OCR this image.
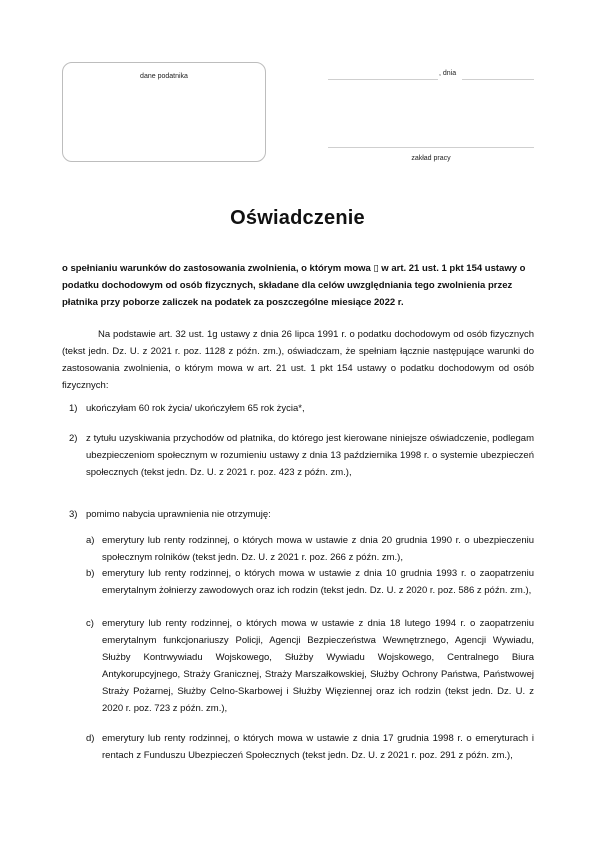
dane podatnika	, dnia
zakład pracy
Oświadczenie
o spełnianiu warunków do zastosowania zwolnienia, o którym mowa ▯ w art. 21 ust. 1 pkt 154 ustawy o podatku dochodowym od osób fizycznych, składane dla celów uwzględniania tego zwolnienia przez płatnika przy poborze zaliczek na podatek za poszczególne miesiące 2022 r.
Na podstawie art. 32 ust. 1g ustawy z dnia 26 lipca 1991 r. o podatku dochodowym od osób fizycznych (tekst jedn. Dz. U. z 2021 r. poz. 1128 z późn. zm.), oświadczam, że spełniam łącznie następujące warunki do zastosowania zwolnienia, o którym mowa w art. 21 ust. 1 pkt 154 ustawy o podatku dochodowym od osób fizycznych:
1) ukończyłam 60 rok życia/ ukończyłem 65 rok życia*,
2) z tytułu uzyskiwania przychodów od płatnika, do którego jest kierowane niniejsze oświadczenie, podlegam ubezpieczeniom społecznym w rozumieniu ustawy z dnia 13 października 1998 r. o systemie ubezpieczeń społecznych (tekst jedn. Dz. U. z 2021 r. poz. 423 z późn. zm.),
3) pomimo nabycia uprawnienia nie otrzymuję:
a) emerytury lub renty rodzinnej, o których mowa w ustawie z dnia 20 grudnia 1990 r. o ubezpieczeniu społecznym rolników (tekst jedn. Dz. U. z 2021 r. poz. 266 z późn. zm.),
b) emerytury lub renty rodzinnej, o których mowa w ustawie z dnia 10 grudnia 1993 r. o zaopatrzeniu emerytalnym żołnierzy zawodowych oraz ich rodzin (tekst jedn. Dz. U. z 2020 r. poz. 586 z późn. zm.),
c) emerytury lub renty rodzinnej, o których mowa w ustawie z dnia 18 lutego 1994 r. o zaopatrzeniu emerytalnym funkcjonariuszy Policji, Agencji Bezpieczeństwa Wewnętrznego, Agencji Wywiadu, Służby Kontrwywiadu Wojskowego, Służby Wywiadu Wojskowego, Centralnego Biura Antykorupcyjnego, Straży Granicznej, Straży Marszałkowskiej, Służby Ochrony Państwa, Państwowej Straży Pożarnej, Służby Celno-Skarbowej i Służby Więziennej oraz ich rodzin (tekst jedn. Dz. U. z 2020 r. poz. 723 z późn. zm.),
d) emerytury lub renty rodzinnej, o których mowa w ustawie z dnia 17 grudnia 1998 r. o emeryturach i rentach z Funduszu Ubezpieczeń Społecznych (tekst jedn. Dz. U. z 2021 r. poz. 291 z późn. zm.),
